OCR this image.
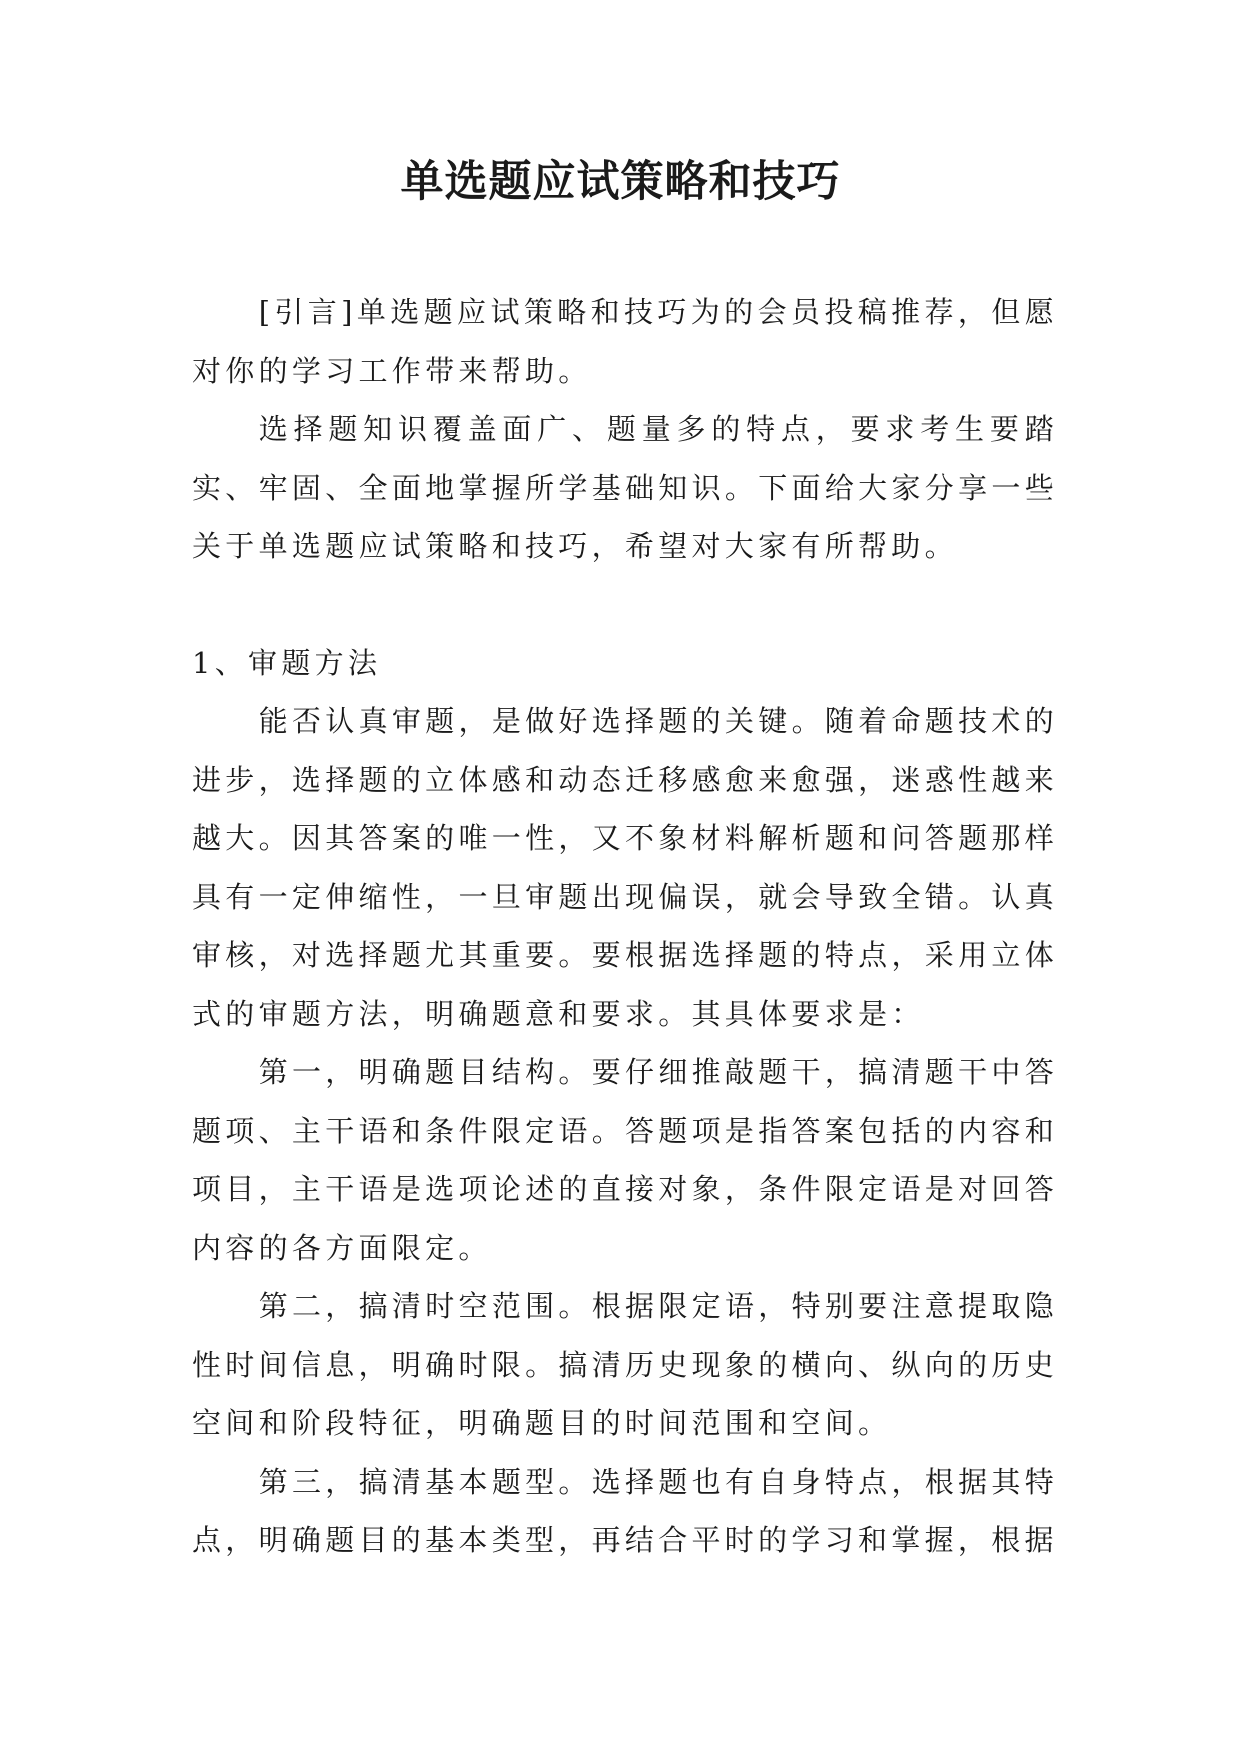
单选题应试策略和技巧

[引言]单选题应试策略和技巧为的会员投稿推荐，但愿对你的学习工作带来帮助。

选择题知识覆盖面广、题量多的特点，要求考生要踏实、牢固、全面地掌握所学基础知识。下面给大家分享一些关于单选题应试策略和技巧，希望对大家有所帮助。

1、审题方法

能否认真审题，是做好选择题的关键。随着命题技术的进步，选择题的立体感和动态迁移感愈来愈强，迷惑性越来越大。因其答案的唯一性，又不象材料解析题和问答题那样具有一定伸缩性，一旦审题出现偏误，就会导致全错。认真审核，对选择题尤其重要。要根据选择题的特点，采用立体式的审题方法，明确题意和要求。其具体要求是：

第一，明确题目结构。要仔细推敲题干，搞清题干中答题项、主干语和条件限定语。答题项是指答案包括的内容和项目，主干语是选项论述的直接对象，条件限定语是对回答内容的各方面限定。

第二，搞清时空范围。根据限定语，特别要注意提取隐性时间信息，明确时限。搞清历史现象的横向、纵向的历史空间和阶段特征，明确题目的时间范围和空间。

第三，搞清基本题型。选择题也有自身特点，根据其特点，明确题目的基本类型，再结合平时的学习和掌握，根据
